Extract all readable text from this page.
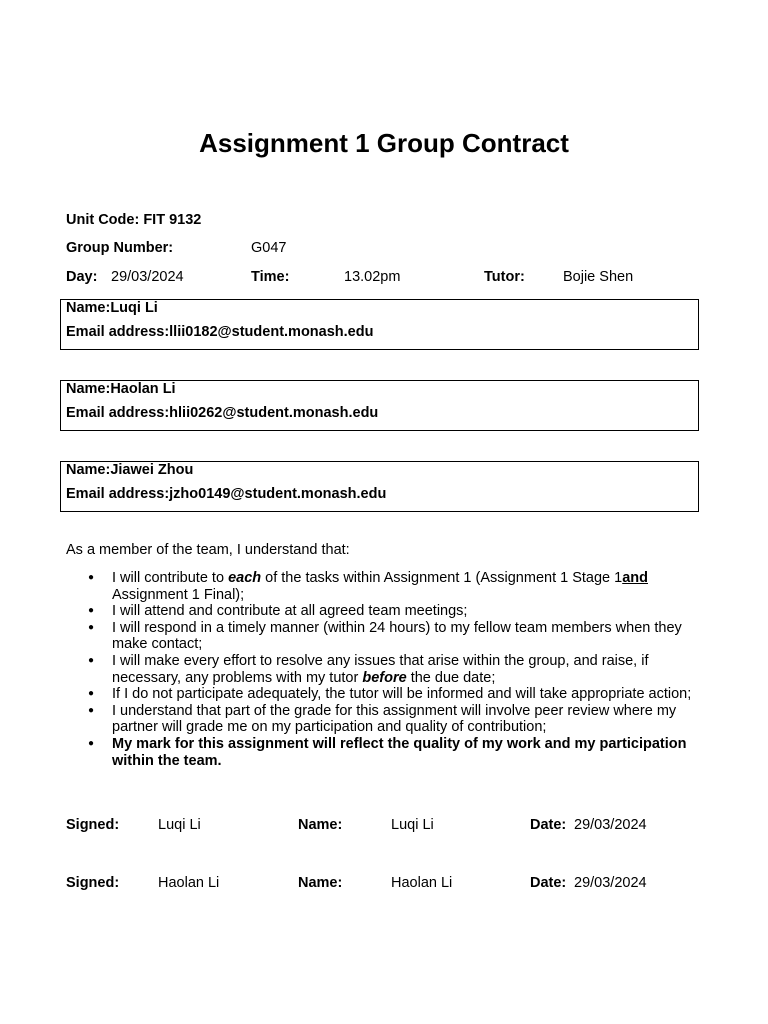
Assignment 1 Group Contract
Unit Code: FIT 9132
Group Number:	G047
Day: 29/03/2024	Time:	13.02pm	Tutor:	Bojie Shen
Name:Luqi Li
Email address:llii0182@student.monash.edu
Name:Haolan Li
Email address:hlii0262@student.monash.edu
Name:Jiawei Zhou
Email address:jzho0149@student.monash.edu
As a member of the team, I understand that:
● I will contribute to each of the tasks within Assignment 1 (Assignment 1 Stage 1and Assignment 1 Final);
● I will attend and contribute at all agreed team meetings;
● I will respond in a timely manner (within 24 hours) to my fellow team members when they make contact;
● I will make every effort to resolve any issues that arise within the group, and raise, if necessary, any problems with my tutor before the due date;
● If I do not participate adequately, the tutor will be informed and will take appropriate action;
● I understand that part of the grade for this assignment will involve peer review where my partner will grade me on my participation and quality of contribution;
● My mark for this assignment will reflect the quality of my work and my participation within the team.
Signed:	Luqi Li	Name:	Luqi Li	Date: 29/03/2024
Signed:	Haolan Li	Name:	Haolan Li	Date: 29/03/2024
